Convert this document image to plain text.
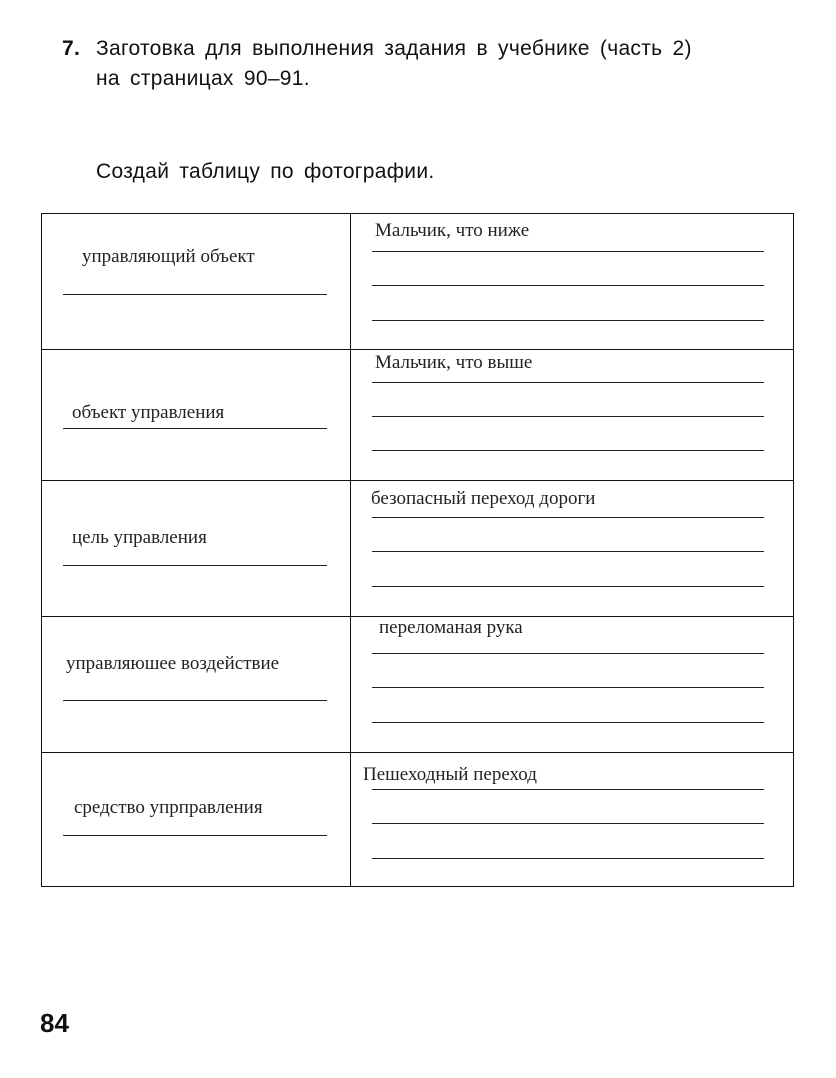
7. Заготовка для выполнения задания в учебнике (часть 2)
на страницах 90–91.
Создай таблицу по фотографии.
управляющий объект
Мальчик, что ниже
объект управления
Мальчик, что выше
цель управления
безопасный переход дороги
управляюшее воздействие
переломаная рука
средство упрправления
Пешеходный переход
84
